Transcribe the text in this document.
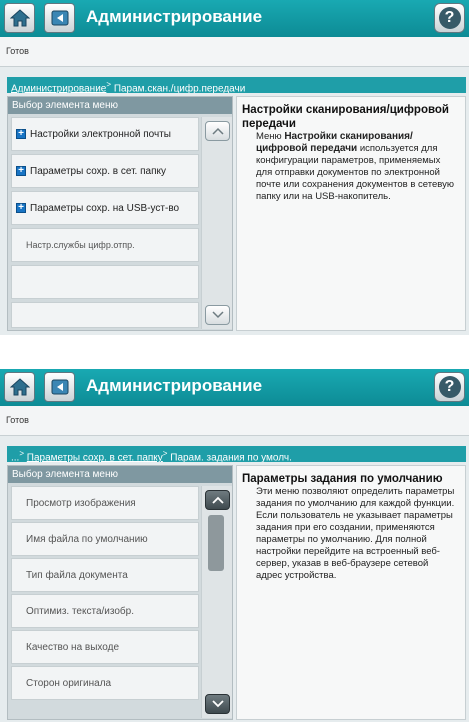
Администрирование	?
Готов
Администрирование> Парам.скан./цифр.передачи
Выбор элемента меню
+ Настройки электронной почты
+ Параметры сохр. в сет. папку
+ Параметры сохр. на USB-уст-во
Настр.службы цифр.отпр.
Настройки сканирования/цифровой передачи
Меню Настройки сканирования/цифровой передачи используется для конфигурации параметров, применяемых для отправки документов по электронной почте или сохранения документов в сетевую папку или на USB-накопитель.
Администрирование	?
Готов
...> Параметры сохр. в сет. папку> Парам. задания по умолч.
Выбор элемента меню
Просмотр изображения
Имя файла по умолчанию
Тип файла документа
Оптимиз. текста/изобр.
Качество на выходе
Сторон оригинала
Параметры задания по умолчанию
Эти меню позволяют определить параметры задания по умолчанию для каждой функции. Если пользователь не указывает параметры задания при его создании, применяются параметры по умолчанию. Для полной настройки перейдите на встроенный веб-сервер, указав в веб-браузере сетевой адрес устройства.
